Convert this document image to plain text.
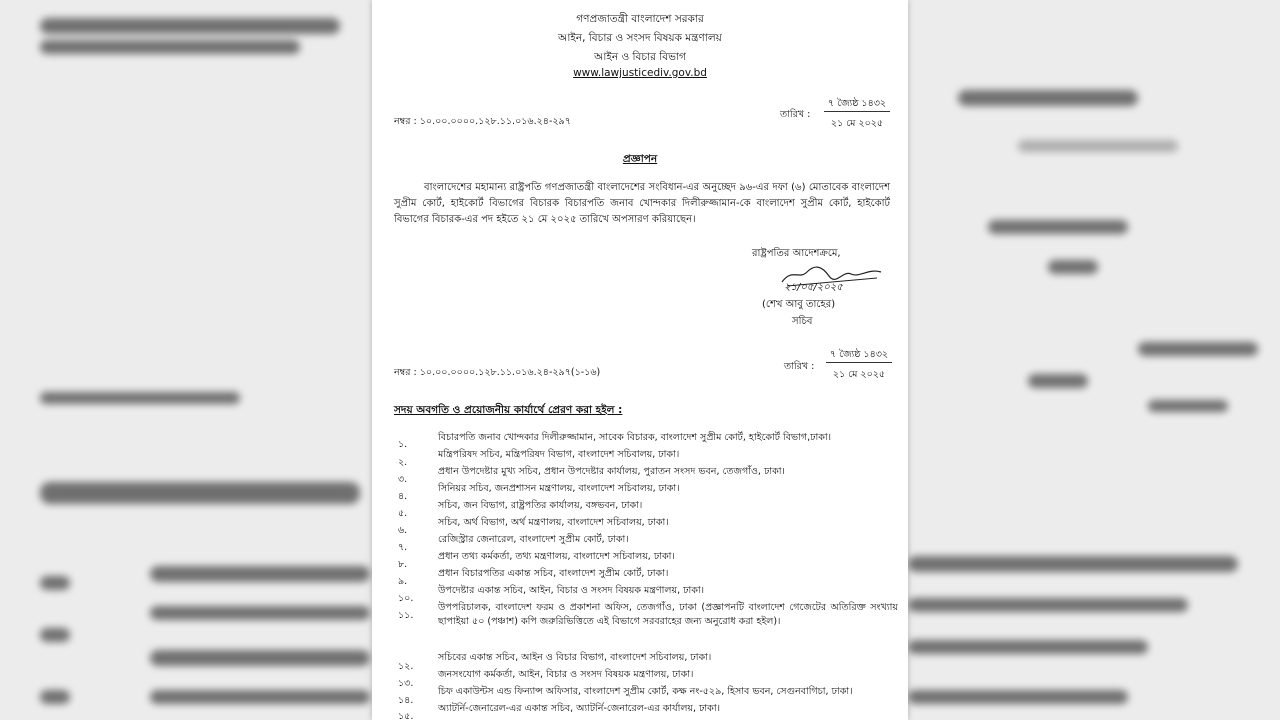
গণপ্রজাতন্ত্রী বাংলাদেশ সরকার
আইন, বিচার ও সংসদ বিষয়ক মন্ত্রণালয়
আইন ও বিচার বিভাগ
www.lawjusticediv.gov.bd
নম্বর : ১০.০০.০০০০.১২৮.১১.০১৬.২৪-২৯৭
তারিখ :
৭ জ্যৈষ্ঠ ১৪৩২
২১ মে ২০২৫
প্রজ্ঞাপন
বাংলাদেশের মহামান্য রাষ্ট্রপতি গণপ্রজাতন্ত্রী বাংলাদেশের সংবিধান-এর অনুচ্ছেদ ৯৬-এর দফা (৬) মোতাবেক বাংলাদেশ সুপ্রীম কোর্ট, হাইকোর্ট বিভাগের বিচারক বিচারপতি জনাব খোন্দকার দিলীরুজ্জামান-কে বাংলাদেশ সুপ্রীম কোর্ট, হাইকোর্ট বিভাগের বিচারক-এর পদ হইতে ২১ মে ২০২৫ তারিখে অপসারণ করিয়াছেন।
রাষ্ট্রপতির আদেশক্রমে,
২১/০৫/২০২৫
(শেখ আবু তাহের)
সচিব
নম্বর : ১০.০০.০০০০.১২৮.১১.০১৬.২৪-২৯৭(১-১৬)
তারিখ :
৭ জ্যৈষ্ঠ ১৪৩২
২১ মে ২০২৫
সদয় অবগতি ও প্রয়োজনীয় কার্যার্থে প্রেরণ করা হইল :
১.
বিচারপতি জনাব খোন্দকার দিলীরুজ্জামান, সাবেক বিচারক, বাংলাদেশ সুপ্রীম কোর্ট, হাইকোর্ট বিভাগ,ঢাকা।
২.
মন্ত্রিপরিষদ সচিব, মন্ত্রিপরিষদ বিভাগ, বাংলাদেশ সচিবালয়, ঢাকা।
৩.
প্রধান উপদেষ্টার মুখ্য সচিব, প্রধান উপদেষ্টার কার্যালয়, পুরাতন সংসদ ভবন, তেজগাঁও, ঢাকা।
৪.
সিনিয়র সচিব, জনপ্রশাসন মন্ত্রণালয়, বাংলাদেশ সচিবালয়, ঢাকা।
৫.
সচিব, জন বিভাগ, রাষ্ট্রপতির কার্যালয়, বঙ্গভবন, ঢাকা।
৬.
সচিব, অর্থ বিভাগ, অর্থ মন্ত্রণালয়, বাংলাদেশ সচিবালয়, ঢাকা।
৭.
রেজিস্ট্রার জেনারেল, বাংলাদেশ সুপ্রীম কোর্ট, ঢাকা।
৮.
প্রধান তথ্য কর্মকর্তা, তথ্য মন্ত্রণালয়, বাংলাদেশ সচিবালয়, ঢাকা।
৯.
প্রধান বিচারপতির একান্ত সচিব, বাংলাদেশ সুপ্রীম কোর্ট, ঢাকা।
১০.
উপদেষ্টার একান্ত সচিব, আইন, বিচার ও সংসদ বিষয়ক মন্ত্রণালয়, ঢাকা।
১১.
উপপরিচালক, বাংলাদেশ ফরম ও প্রকাশনা অফিস, তেজগাঁও, ঢাকা (প্রজ্ঞাপনটি বাংলাদেশ গেজেটের অতিরিক্ত সংখ্যায় ছাপাইয়া ৫০ (পঞ্চাশ) কপি জরুরিভিত্তিতে এই বিভাগে সরবরাহের জন্য অনুরোধ করা হইল)।
১২.
সচিবের একান্ত সচিব, আইন ও বিচার বিভাগ, বাংলাদেশ সচিবালয়, ঢাকা।
১৩.
জনসংযোগ কর্মকর্তা, আইন, বিচার ও সংসদ বিষয়ক মন্ত্রণালয়, ঢাকা।
১৪.
চিফ একাউন্টস এন্ড ফিন্যান্স অফিসার, বাংলাদেশ সুপ্রীম কোর্ট, কক্ষ নং-৫২৯, হিসাব ভবন, সেগুনবাগিচা, ঢাকা।
১৫.
অ্যাটর্নি-জেনারেল-এর একান্ত সচিব, অ্যাটর্নি-জেনারেল-এর কার্যালয়, ঢাকা।
